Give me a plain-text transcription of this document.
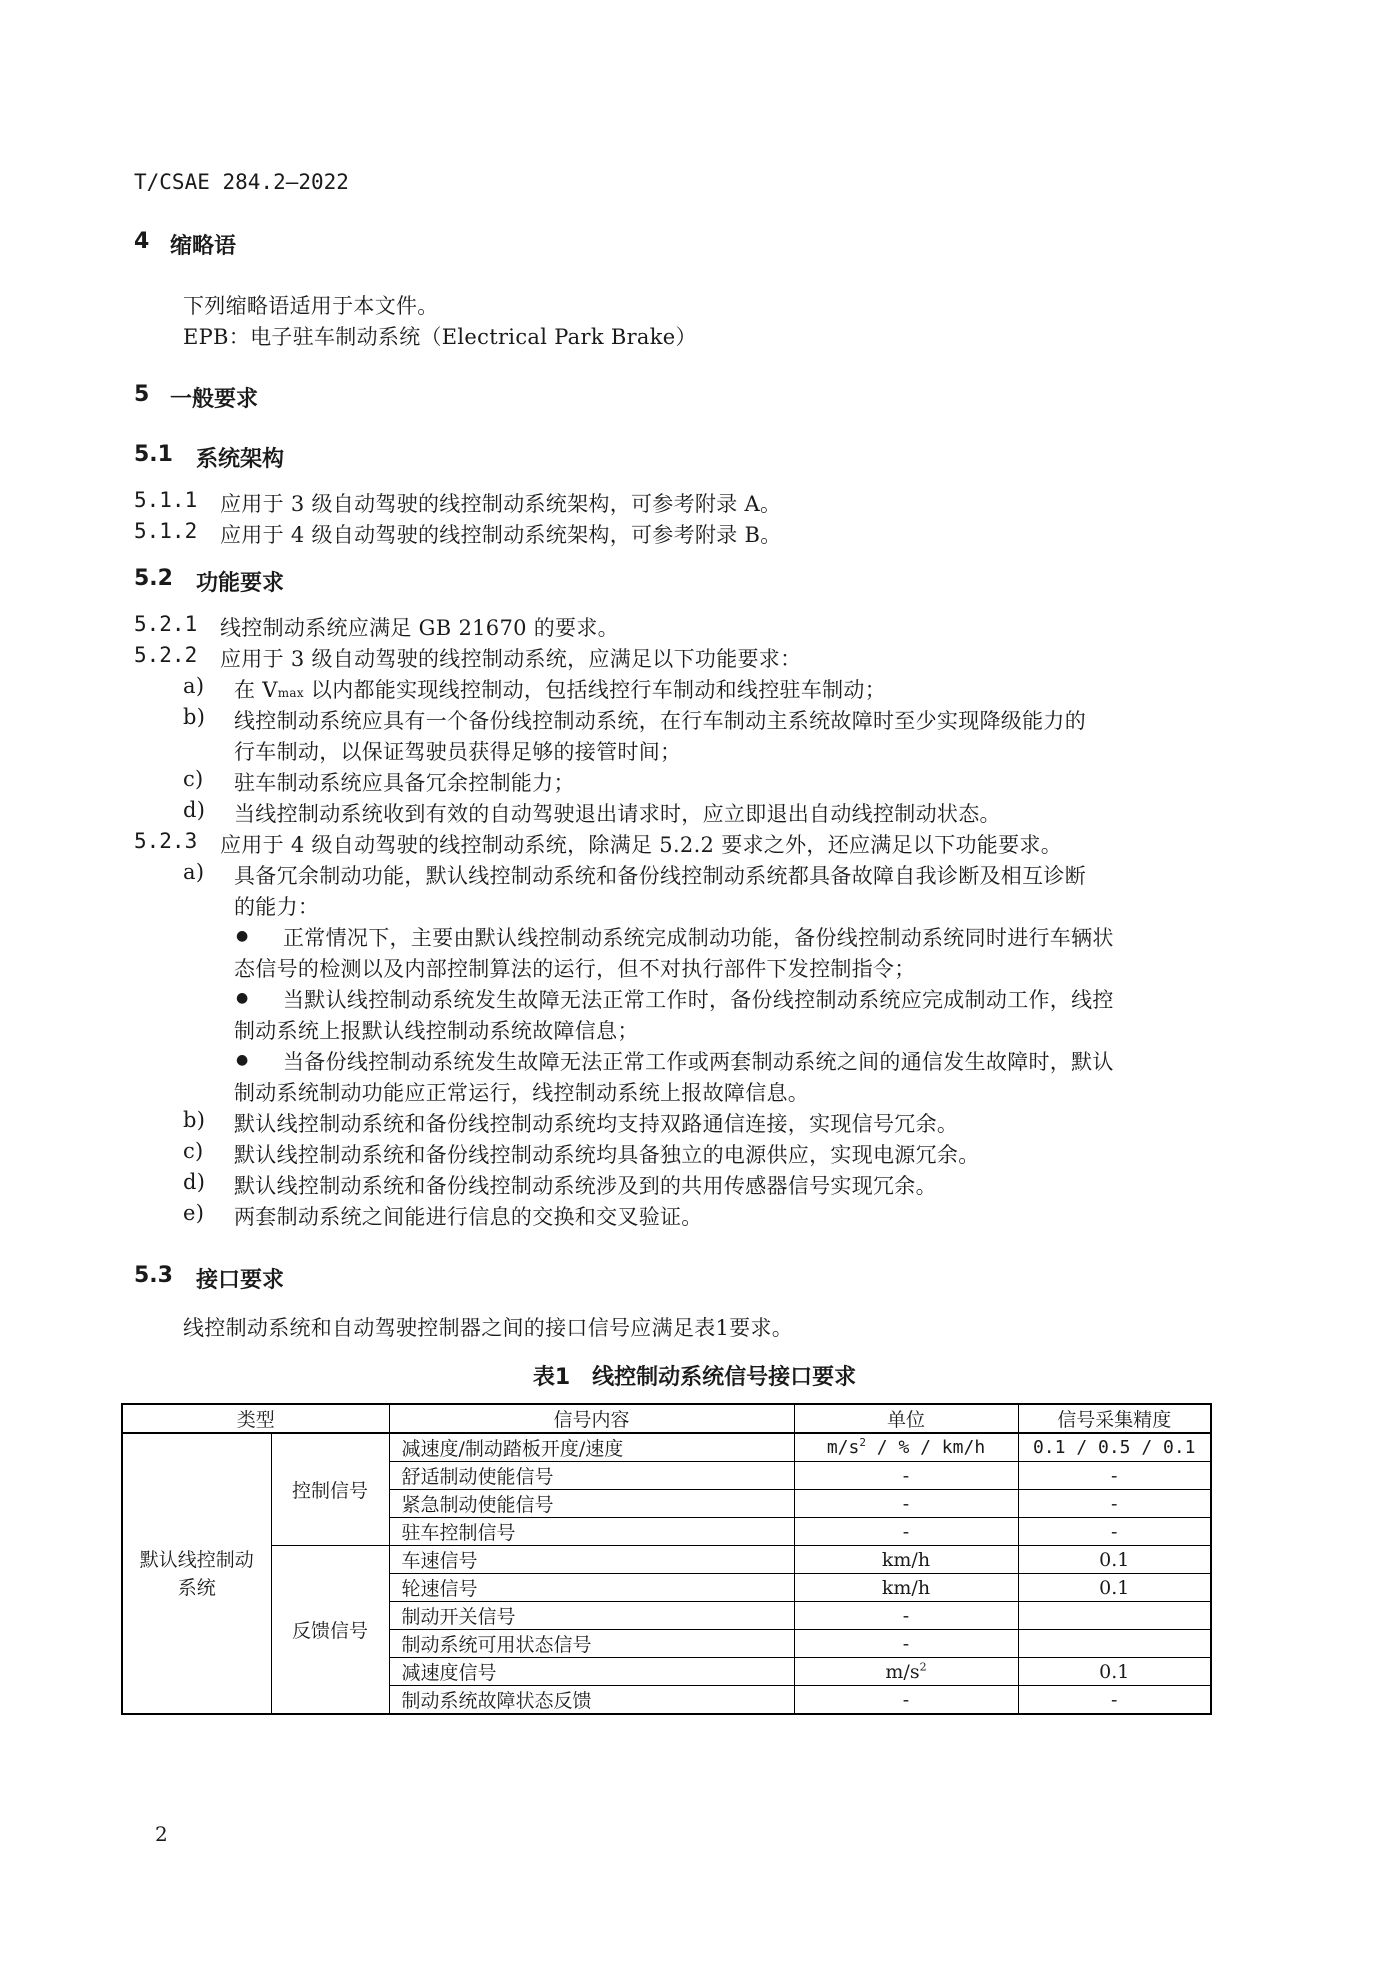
T/CSAE 284.2—2022
4 缩略语
下列缩略语适用于本文件。
EPB：电子驻车制动系统（Electrical Park Brake）
5 一般要求
5.1 系统架构
5.1.1 应用于 3 级自动驾驶的线控制动系统架构，可参考附录 A。
5.1.2 应用于 4 级自动驾驶的线控制动系统架构，可参考附录 B。
5.2 功能要求
5.2.1 线控制动系统应满足 GB 21670 的要求。
5.2.2 应用于 3 级自动驾驶的线控制动系统，应满足以下功能要求：
a) 在 Vmax 以内都能实现线控制动，包括线控行车制动和线控驻车制动；
b) 线控制动系统应具有一个备份线控制动系统，在行车制动主系统故障时至少实现降级能力的
行车制动，以保证驾驶员获得足够的接管时间；
c) 驻车制动系统应具备冗余控制能力；
d) 当线控制动系统收到有效的自动驾驶退出请求时，应立即退出自动线控制动状态。
5.2.3 应用于 4 级自动驾驶的线控制动系统，除满足 5.2.2 要求之外，还应满足以下功能要求。
a) 具备冗余制动功能，默认线控制动系统和备份线控制动系统都具备故障自我诊断及相互诊断
的能力：
● 正常情况下，主要由默认线控制动系统完成制动功能，备份线控制动系统同时进行车辆状
态信号的检测以及内部控制算法的运行，但不对执行部件下发控制指令；
● 当默认线控制动系统发生故障无法正常工作时，备份线控制动系统应完成制动工作，线控
制动系统上报默认线控制动系统故障信息；
● 当备份线控制动系统发生故障无法正常工作或两套制动系统之间的通信发生故障时，默认
制动系统制动功能应正常运行，线控制动系统上报故障信息。
b) 默认线控制动系统和备份线控制动系统均支持双路通信连接，实现信号冗余。
c) 默认线控制动系统和备份线控制动系统均具备独立的电源供应，实现电源冗余。
d) 默认线控制动系统和备份线控制动系统涉及到的共用传感器信号实现冗余。
e) 两套制动系统之间能进行信息的交换和交叉验证。
5.3 接口要求
线控制动系统和自动驾驶控制器之间的接口信号应满足表1要求。
表1　线控制动系统信号接口要求
类型		信号内容	单位	信号采集精度
默认线控制动系统	控制信号	减速度/制动踏板开度/速度	$m/s^2$ / % / km/h	0.1 / 0.5 / 0.1
		舒适制动使能信号	-	-
		紧急制动使能信号	-	-
		驻车控制信号	-	-
	反馈信号	车速信号	km/h	0.1
		轮速信号	km/h	0.1
		制动开关信号	-	
		制动系统可用状态信号	-	
		减速度信号	$m/s^2$	0.1
		制动系统故障状态反馈	-	-
2
